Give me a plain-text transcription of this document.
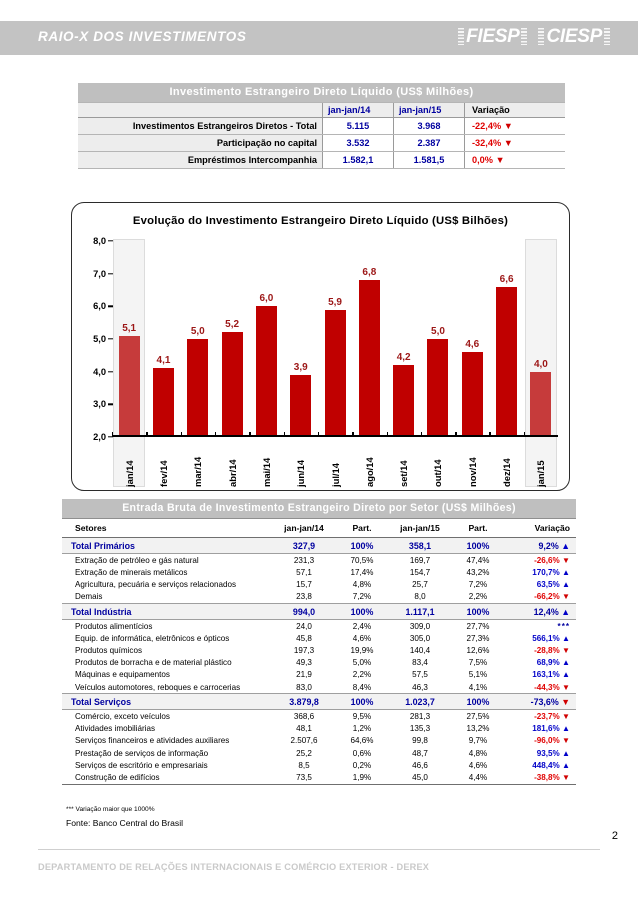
RAIO-X DOS INVESTIMENTOS	FIESP CIESP
Investimento Estrangeiro Direto Líquido (US$ Milhões)			
	jan-jan/14	jan-jan/15	Variação
Investimentos Estrangeiros Diretos - Total	5.115	3.968	-22,4% ▼
Participação no capital	3.532	2.387	-32,4% ▼
Empréstimos Intercompanhia	1.582,1	1.581,5	0,0% ▼
Evolução do Investimento Estrangeiro Direto Líquido (US$ Bilhões)
8,0
7,0
6,0
5,0
4,0
3,0
2,0
5,1
4,1
5,0
5,2
6,0
3,9
5,9
6,8
4,2
5,0
4,6
6,6
4,0
jan/14 fev/14 mar/14 abr/14 mai/14 jun/14 jul/14 ago/14 set/14 out/14 nov/14 dez/14 jan/15
Entrada Bruta de Investimento Estrangeiro Direto por Setor (US$ Milhões)					
Setores	jan-jan/14	Part.	jan-jan/15	Part.	Variação
Total Primários	327,9	100%	358,1	100%	9,2% ▲
Extração de petróleo e gás natural	231,3	70,5%	169,7	47,4%	-26,6% ▼
Extração de minerais metálicos	57,1	17,4%	154,7	43,2%	170,7% ▲
Agricultura, pecuária e serviços relacionados	15,7	4,8%	25,7	7,2%	63,5% ▲
Demais	23,8	7,2%	8,0	2,2%	-66,2% ▼
Total Indústria	994,0	100%	1.117,1	100%	12,4% ▲
Produtos alimentícios	24,0	2,4%	309,0	27,7%	***
Equip. de informática, eletrônicos e ópticos	45,8	4,6%	305,0	27,3%	566,1% ▲
Produtos químicos	197,3	19,9%	140,4	12,6%	-28,8% ▼
Produtos de borracha e de material plástico	49,3	5,0%	83,4	7,5%	68,9% ▲
Máquinas e equipamentos	21,9	2,2%	57,5	5,1%	163,1% ▲
Veículos automotores, reboques e carrocerias	83,0	8,4%	46,3	4,1%	-44,3% ▼
Total Serviços	3.879,8	100%	1.023,7	100%	-73,6% ▼
Comércio, exceto veículos	368,6	9,5%	281,3	27,5%	-23,7% ▼
Atividades imobiliárias	48,1	1,2%	135,3	13,2%	181,6% ▲
Serviços financeiros e atividades auxiliares	2.507,6	64,6%	99,8	9,7%	-96,0% ▼
Prestação de serviços de informação	25,2	0,6%	48,7	4,8%	93,5% ▲
Serviços de escritório e empresariais	8,5	0,2%	46,6	4,6%	448,4% ▲
Construção de edifícios	73,5	1,9%	45,0	4,4%	-38,8% ▼
*** Variação maior que 1000%
Fonte: Banco Central do Brasil
2
DEPARTAMENTO DE RELAÇÕES INTERNACIONAIS E COMÉRCIO EXTERIOR - DEREX
